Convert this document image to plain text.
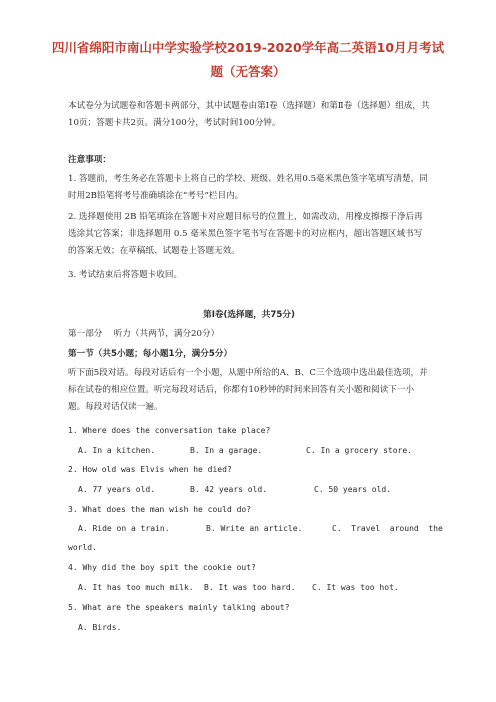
四川省绵阳市南山中学实验学校2019-2020学年高二英语10月月考试
题（无答案）

本试卷分为试题卷和答题卡两部分，其中试题卷由第Ⅰ卷（选择题）和第Ⅱ卷（选择题）组成，共10页；答题卡共2页。满分100分，考试时间100分钟。

注意事项：

1. 答题前，考生务必在答题卡上将自己的学校、班级、姓名用0.5毫米黑色签字笔填写清楚，同时用2B铅笔将考号准确填涂在“考号”栏目内。

2. 选择题使用 2B 铅笔填涂在答题卡对应题目标号的位置上，如需改动，用橡皮擦擦干净后再选涂其它答案；非选择题用 0.5 毫米黑色签字笔书写在答题卡的对应框内，超出答题区域书写的答案无效；在草稿纸、试题卷上答题无效。

3. 考试结束后将答题卡收回。

第Ⅰ卷(选择题，共75分)

第一部分　 听力（共两节，满分20分）

第一节（共5小题；每小题1分，满分5分）

听下面5段对话。每段对话后有一个小题，从题中所给的A、B、C三个选项中选出最佳选项，并标在试卷的相应位置。听完每段对话后，你都有10秒钟的时间来回答有关小题和阅读下一小题。每段对话仅读一遍。

1. Where does the conversation take place?
A. In a kitchen.	B. In a garage.	C. In a grocery store.
2. How old was Elvis when he died?
A. 77 years old.	B. 42 years old.	C. 50 years old.
3. What does the man wish he could do?
A. Ride on a train.	B. Write an article.	C.  Travel  around  the
world.
4. Why did the boy spit the cookie out?
A. It has too much milk. B. It was too hard. C. It was too hot.
5. What are the speakers mainly talking about?
A. Birds.
